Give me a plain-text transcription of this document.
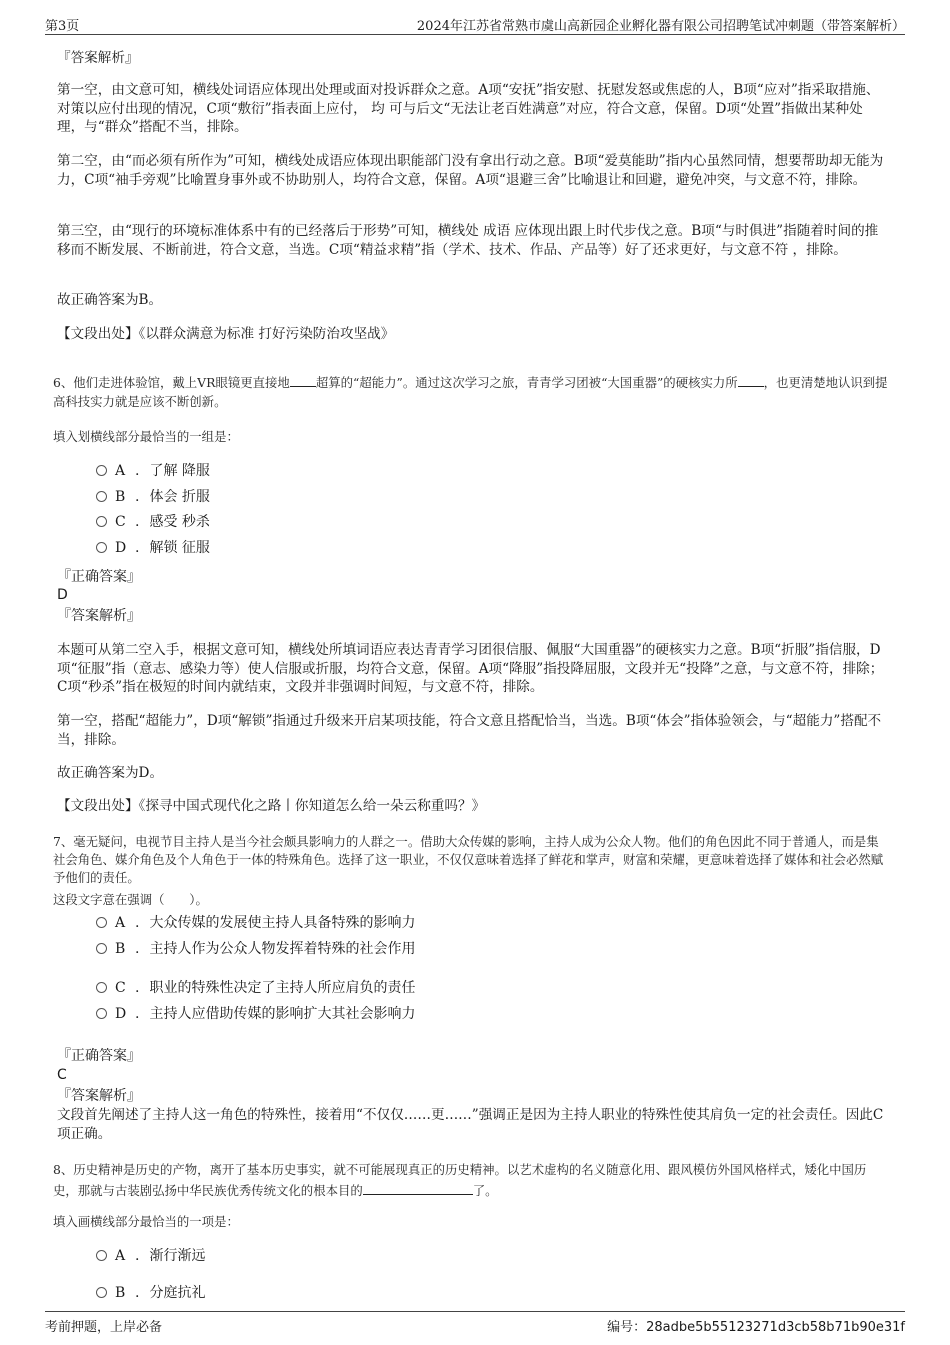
第3页	2024年江苏省常熟市虞山高新园企业孵化器有限公司招聘笔试冲刺题（带答案解析）
『答案解析』
第一空，由文意可知，横线处词语应体现出处理或面对投诉群众之意。A项“安抚”指安慰、抚慰发怒或焦虑的人，B项“应对”指采取措施、对策以应付出现的情况，C项“敷衍”指表面上应付， 均 可与后文“无法让老百姓满意”对应，符合文意，保留。D项“处置”指做出某种处理，与“群众”搭配不当，排除。
第二空，由“而必须有所作为”可知，横线处成语应体现出职能部门没有拿出行动之意。B项“爱莫能助”指内心虽然同情，想要帮助却无能为力，C项“袖手旁观”比喻置身事外或不协助别人，均符合文意，保留。A项“退避三舍”比喻退让和回避，避免冲突，与文意不符，排除。
第三空，由“现行的环境标准体系中有的已经落后于形势”可知，横线处 成语 应体现出跟上时代步伐之意。B项“与时俱进”指随着时间的推移而不断发展、不断前进，符合文意，当选。C项“精益求精”指（学术、技术、作品、产品等）好了还求更好，与文意不符 ，排除。
故正确答案为B。
【文段出处】《以群众满意为标准 打好污染防治攻坚战》
6、他们走进体验馆，戴上VR眼镜更直接地 超算的“超能力”。通过这次学习之旅，青青学习团被“大国重器”的硬核实力所 ，也更清楚地认识到提高科技实力就是应该不断创新。
填入划横线部分最恰当的一组是：
A . 了解 降服
B . 体会 折服
C . 感受 秒杀
D . 解锁 征服
『正确答案』
D
『答案解析』
本题可从第二空入手，根据文意可知，横线处所填词语应表达青青学习团很信服、佩服“大国重器”的硬核实力之意。B项“折服”指信服，D项“征服”指（意志、感染力等）使人信服或折服，均符合文意，保留。A项“降服”指投降屈服，文段并无“投降”之意，与文意不符，排除；C项“秒杀”指在极短的时间内就结束，文段并非强调时间短，与文意不符，排除。
第一空，搭配“超能力”，D项“解锁”指通过升级来开启某项技能，符合文意且搭配恰当，当选。B项“体会”指体验领会，与“超能力”搭配不当，排除。
故正确答案为D。
【文段出处】《探寻中国式现代化之路丨你知道怎么给一朵云称重吗？》
7、毫无疑问，电视节目主持人是当今社会颇具影响力的人群之一。借助大众传媒的影响，主持人成为公众人物。他们的角色因此不同于普通人，而是集社会角色、媒介角色及个人角色于一体的特殊角色。选择了这一职业，不仅仅意味着选择了鲜花和掌声，财富和荣耀，更意味着选择了媒体和社会必然赋予他们的责任。
这段文字意在强调（　　）。
A . 大众传媒的发展使主持人具备特殊的影响力
B . 主持人作为公众人物发挥着特殊的社会作用
C . 职业的特殊性决定了主持人所应肩负的责任
D . 主持人应借助传媒的影响扩大其社会影响力
『正确答案』
C
『答案解析』
文段首先阐述了主持人这一角色的特殊性，接着用“不仅仅……更……”强调正是因为主持人职业的特殊性使其肩负一定的社会责任。因此C项正确。
8、历史精神是历史的产物，离开了基本历史事实，就不可能展现真正的历史精神。以艺术虚构的名义随意化用、跟风模仿外国风格样式，矮化中国历史，那就与古装剧弘扬中华民族优秀传统文化的根本目的	了。
填入画横线部分最恰当的一项是：
A . 渐行渐远
B . 分庭抗礼
考前押题，上岸必备	编号：28adbe5b55123271d3cb58b71b90e31f
